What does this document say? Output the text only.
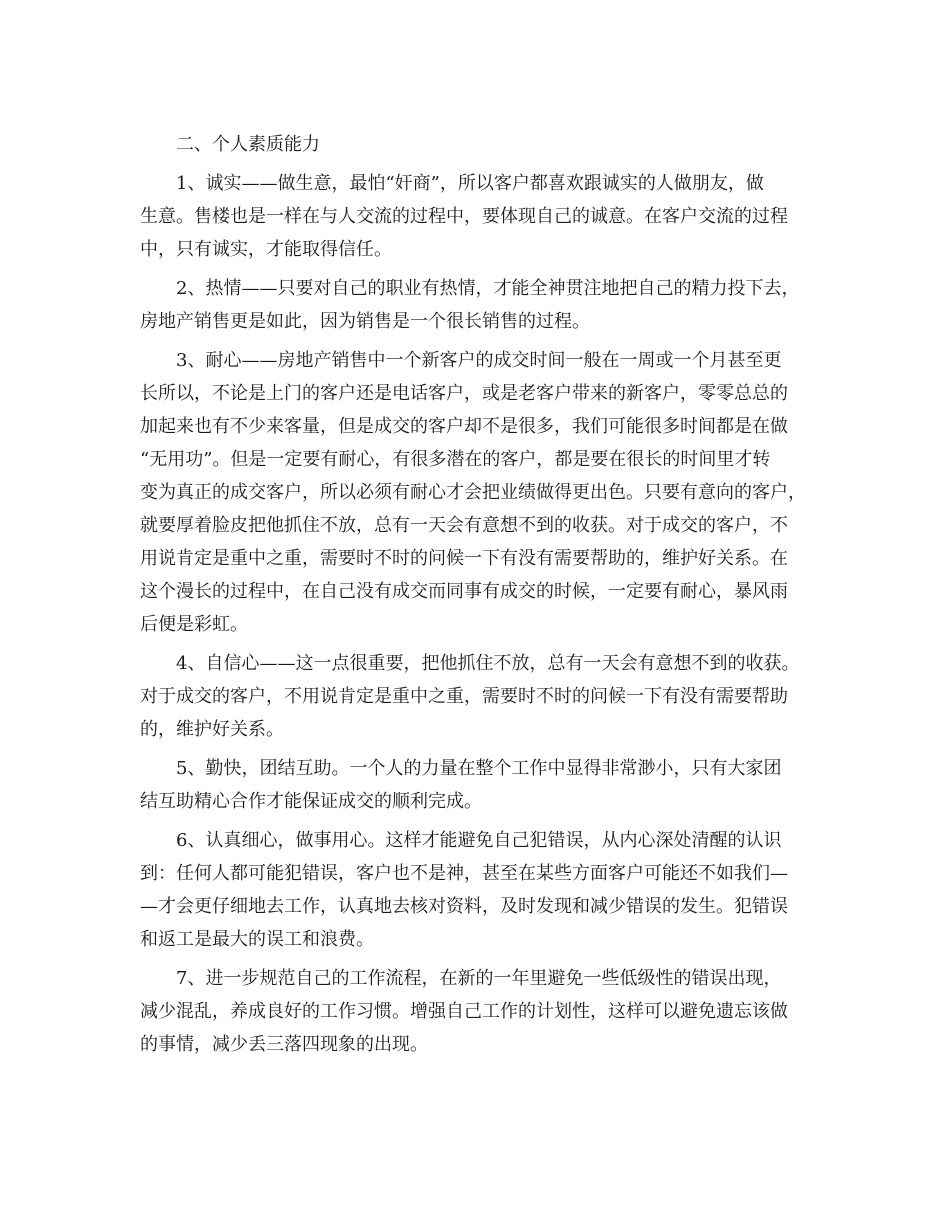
二、个人素质能力
1、诚实——做生意，最怕“奸商”，所以客户都喜欢跟诚实的人做朋友，做
生意。售楼也是一样在与人交流的过程中，要体现自己的诚意。在客户交流的过程
中，只有诚实，才能取得信任。
2、热情——只要对自己的职业有热情，才能全神贯注地把自己的精力投下去，
房地产销售更是如此，因为销售是一个很长销售的过程。
3、耐心——房地产销售中一个新客户的成交时间一般在一周或一个月甚至更
长所以，不论是上门的客户还是电话客户，或是老客户带来的新客户，零零总总的
加起来也有不少来客量，但是成交的客户却不是很多，我们可能很多时间都是在做
“无用功”。但是一定要有耐心，有很多潜在的客户，都是要在很长的时间里才转
变为真正的成交客户，所以必须有耐心才会把业绩做得更出色。只要有意向的客户，
就要厚着脸皮把他抓住不放，总有一天会有意想不到的收获。对于成交的客户，不
用说肯定是重中之重，需要时不时的问候一下有没有需要帮助的，维护好关系。在
这个漫长的过程中，在自己没有成交而同事有成交的时候，一定要有耐心，暴风雨
后便是彩虹。
4、自信心——这一点很重要，把他抓住不放，总有一天会有意想不到的收获。
对于成交的客户，不用说肯定是重中之重，需要时不时的问候一下有没有需要帮助
的，维护好关系。
5、勤快，团结互助。一个人的力量在整个工作中显得非常渺小，只有大家团
结互助精心合作才能保证成交的顺利完成。
6、认真细心，做事用心。这样才能避免自己犯错误，从内心深处清醒的认识
到：任何人都可能犯错误，客户也不是神，甚至在某些方面客户可能还不如我们—
—才会更仔细地去工作，认真地去核对资料，及时发现和减少错误的发生。犯错误
和返工是最大的误工和浪费。
7、进一步规范自己的工作流程，在新的一年里避免一些低级性的错误出现，
减少混乱，养成良好的工作习惯。增强自己工作的计划性，这样可以避免遗忘该做
的事情，减少丢三落四现象的出现。
